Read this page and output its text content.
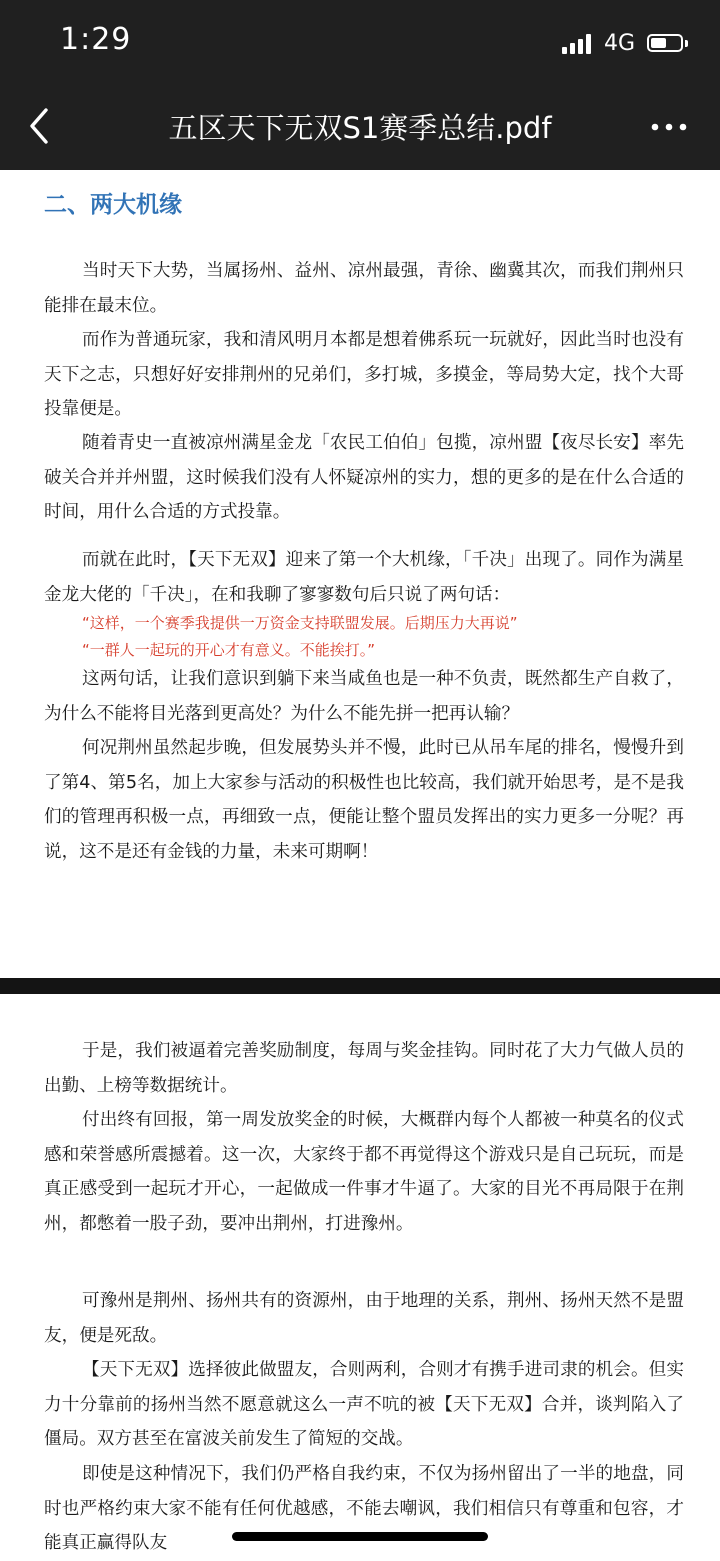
1:29	4G
五区天下无双S1赛季总结.pdf
二、两大机缘
当时天下大势，当属扬州、益州、凉州最强，青徐、幽冀其次，而我们荆州只能排在最末位。
而作为普通玩家，我和清风明月本都是想着佛系玩一玩就好，因此当时也没有天下之志，只想好好安排荆州的兄弟们，多打城，多摸金，等局势大定，找个大哥投靠便是。
随着青史一直被凉州满星金龙「农民工伯伯」包揽，凉州盟【夜尽长安】率先破关合并并州盟，这时候我们没有人怀疑凉州的实力，想的更多的是在什么合适的时间，用什么合适的方式投靠。
而就在此时，【天下无双】迎来了第一个大机缘，「千决」出现了。同作为满星金龙大佬的「千决」，在和我聊了寥寥数句后只说了两句话：
“这样，一个赛季我提供一万资金支持联盟发展。后期压力大再说”
“一群人一起玩的开心才有意义。不能挨打。”
这两句话，让我们意识到躺下来当咸鱼也是一种不负责，既然都生产自救了，为什么不能将目光落到更高处？为什么不能先拼一把再认输？
何况荆州虽然起步晚，但发展势头并不慢，此时已从吊车尾的排名，慢慢升到了第4、第5名，加上大家参与活动的积极性也比较高，我们就开始思考，是不是我们的管理再积极一点，再细致一点，便能让整个盟员发挥出的实力更多一分呢？再说，这不是还有金钱的力量，未来可期啊！
于是，我们被逼着完善奖励制度，每周与奖金挂钩。同时花了大力气做人员的出勤、上榜等数据统计。
付出终有回报，第一周发放奖金的时候，大概群内每个人都被一种莫名的仪式感和荣誉感所震撼着。这一次，大家终于都不再觉得这个游戏只是自己玩玩，而是真正感受到一起玩才开心，一起做成一件事才牛逼了。大家的目光不再局限于在荆州，都憋着一股子劲，要冲出荆州，打进豫州。
可豫州是荆州、扬州共有的资源州，由于地理的关系，荆州、扬州天然不是盟友，便是死敌。
【天下无双】选择彼此做盟友，合则两利，合则才有携手进司隶的机会。但实力十分靠前的扬州当然不愿意就这么一声不吭的被【天下无双】合并，谈判陷入了僵局。双方甚至在富波关前发生了简短的交战。
即使是这种情况下，我们仍严格自我约束，不仅为扬州留出了一半的地盘，同时也严格约束大家不能有任何优越感，不能去嘲讽，我们相信只有尊重和包容，才能真正赢得队友
